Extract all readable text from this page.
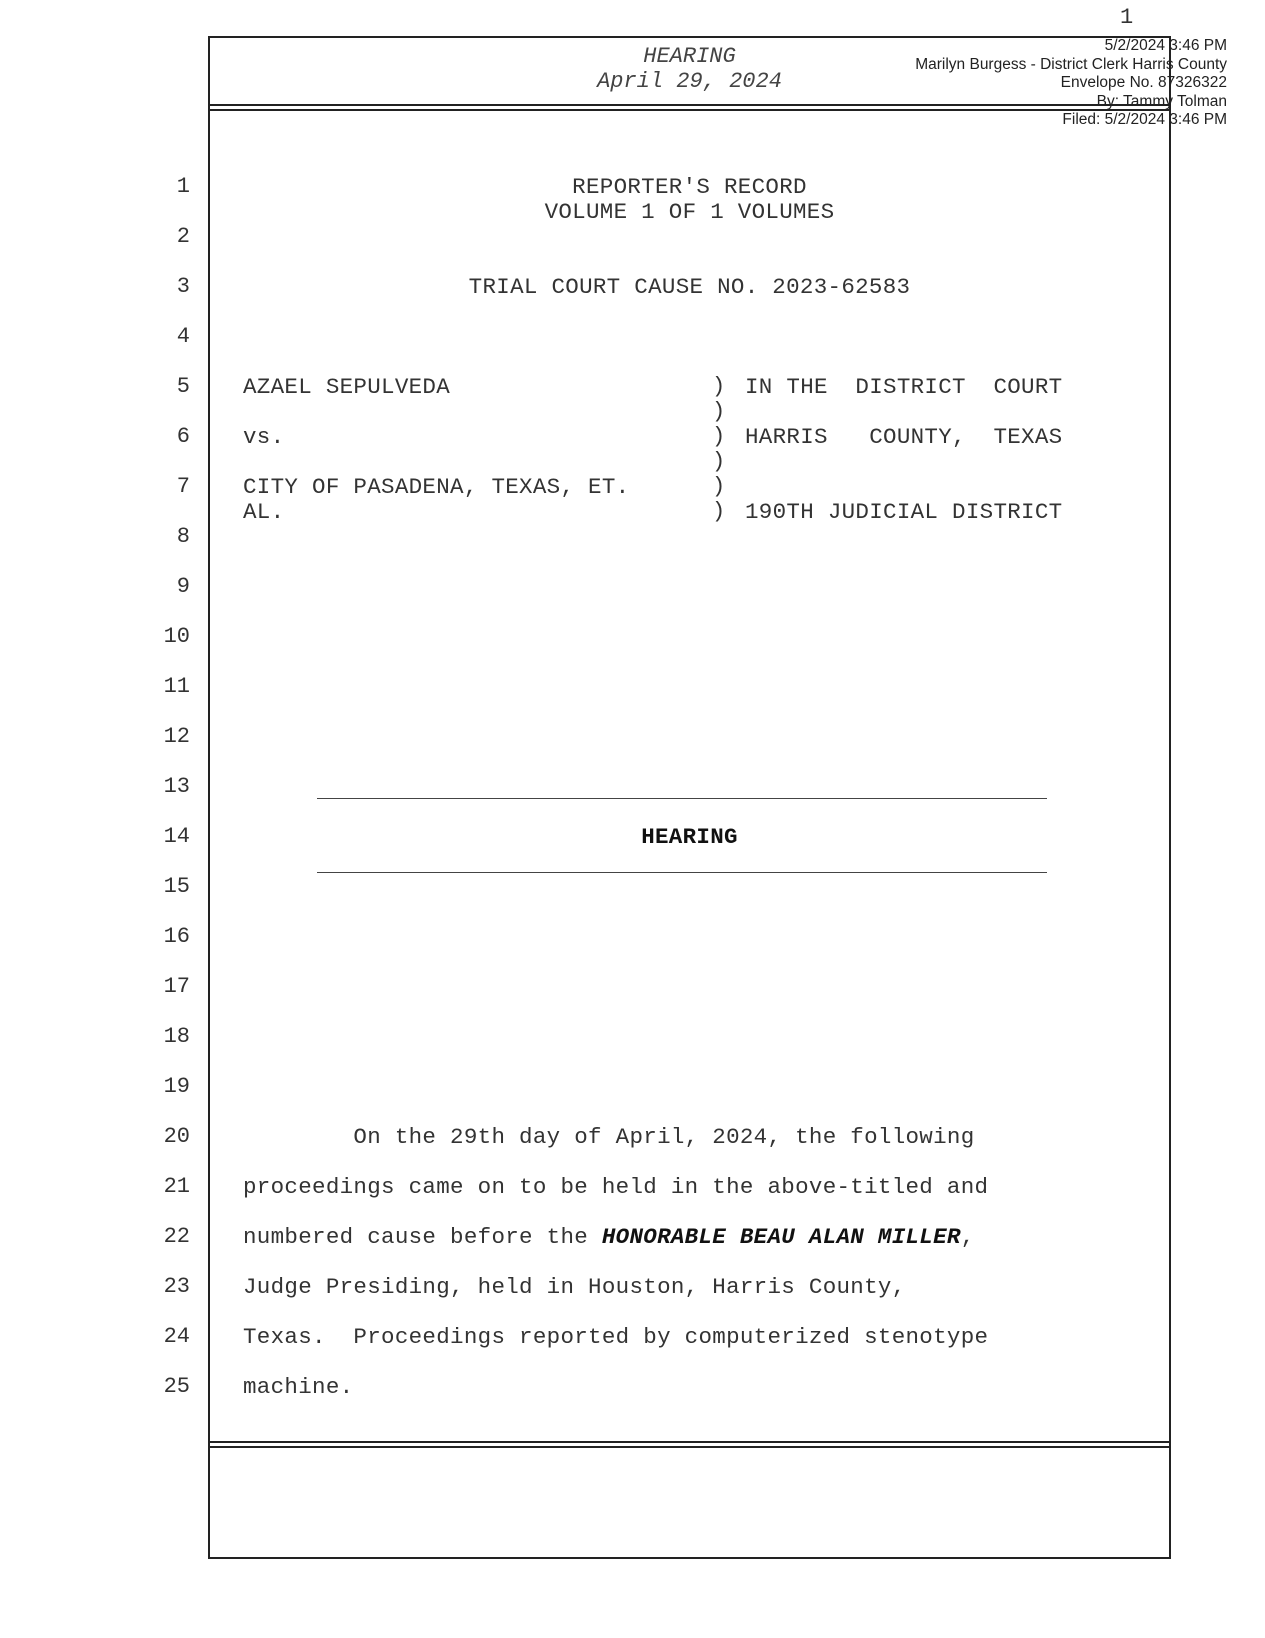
1
HEARING
April 29, 2024
5/2/2024 3:46 PM
Marilyn Burgess - District Clerk Harris County
Envelope No. 87326322
By: Tammy Tolman
Filed: 5/2/2024 3:46 PM
1
2
3
4
5
6
7
8
9
10
11
12
13
14
15
16
17
18
19
20
21
22
23
24
25
REPORTER'S RECORD
VOLUME 1 OF 1 VOLUMES
TRIAL COURT CAUSE NO. 2023-62583
AZAEL SEPULVEDA
vs.
CITY OF PASADENA, TEXAS, ET.
AL.
)
)
)
)
)
)
IN THE  DISTRICT  COURT
HARRIS   COUNTY,  TEXAS
190TH JUDICIAL DISTRICT
HEARING
On the 29th day of April, 2024, the following
proceedings came on to be held in the above-titled and
numbered cause before the HONORABLE BEAU ALAN MILLER,
Judge Presiding, held in Houston, Harris County,
Texas.  Proceedings reported by computerized stenotype
machine.
